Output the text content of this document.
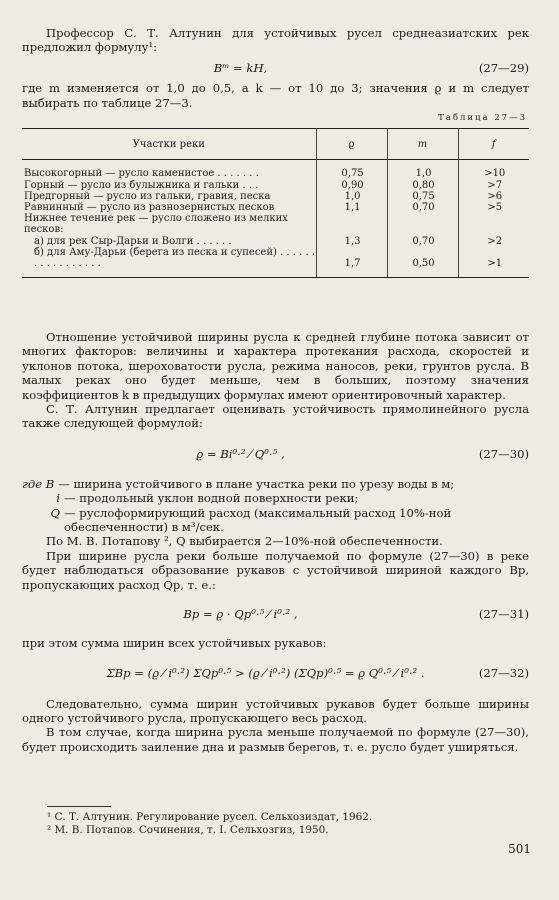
Профессор С. Т. Алтунин для устойчивых русел среднеазиатских рек предложил формулу¹:

Bᵐ = kH,	(27—29)

где m изменяется от 1,0 до 0,5, а k — от 10 до 3; значения ϱ и m следует выбирать по таблице 27—3.

Таблица 27—3
Участки реки	ϱ	m	f
Высокогорный — русло каменистое . . . . . . .	0,75	1,0	>10
Горный — русло из булыжника и гальки . . .	0,90	0,80	>7
Предгорный — русло из гальки, гравия, песка	1,0	0,75	>6
Равнинный — русло из разнозернистых песков	1,1	0,70	>5
Нижнее течение рек — русло сложено из мелких песков:			
а) для рек Сыр-Дарьи и Волги . . . . . .	1,3	0,70	>2
б) для Аму-Дарьи (берега из песка и супесей) . . . . . . . . . . . . . . . . .	1,7	0,50	>1

Отношение устойчивой ширины русла к средней глубине потока зависит от многих факторов: величины и характера протекания расхода, скоростей и уклонов потока, шероховатости русла, режима наносов, реки, грунтов русла. В малых реках оно будет меньше, чем в больших, поэтому значения коэффициентов k в предыдущих формулах имеют ориентировочный характер.

С. Т. Алтунин предлагает оценивать устойчивость прямолинейного русла также следующей формулой:

ϱ = Bi⁰·² ⁄ Q⁰·⁵ ,	(27—30)
где B — ширина устойчивого в плане участка реки по урезу воды в м;
i — продольный уклон водной поверхности реки;
Q — руслоформирующий расход (максимальный расход 10%-ной обеспеченности) в м³/сек.

По М. В. Потапову ², Q выбирается 2—10%-ной обеспеченности.

При ширине русла реки больше получаемой по формуле (27—30) в реке будет наблюдаться образование рукавов с устойчивой шириной каждого Bр, пропускающих расход Qр, т. е.:

Bр = ϱ · Qр⁰·⁵ ⁄ i⁰·² ,	(27—31)

при этом сумма ширин всех устойчивых рукавов:

ΣBр = (ϱ ⁄ i⁰·²) ΣQр⁰·⁵ > (ϱ ⁄ i⁰·²) (ΣQр)⁰·⁵ = ϱ Q⁰·⁵ ⁄ i⁰·² .	(27—32)

Следовательно, сумма ширин устойчивых рукавов будет больше ширины одного устойчивого русла, пропускающего весь расход.

В том случае, когда ширина русла меньше получаемой по формуле (27—30), будет происходить заиление дна и размыв берегов, т. е. русло будет уширяться.

¹ С. Т. Алтунин. Регулирование русел. Сельхозиздат, 1962.
² М. В. Потапов. Сочинения, т. I. Сельхозгиз, 1950.
501
